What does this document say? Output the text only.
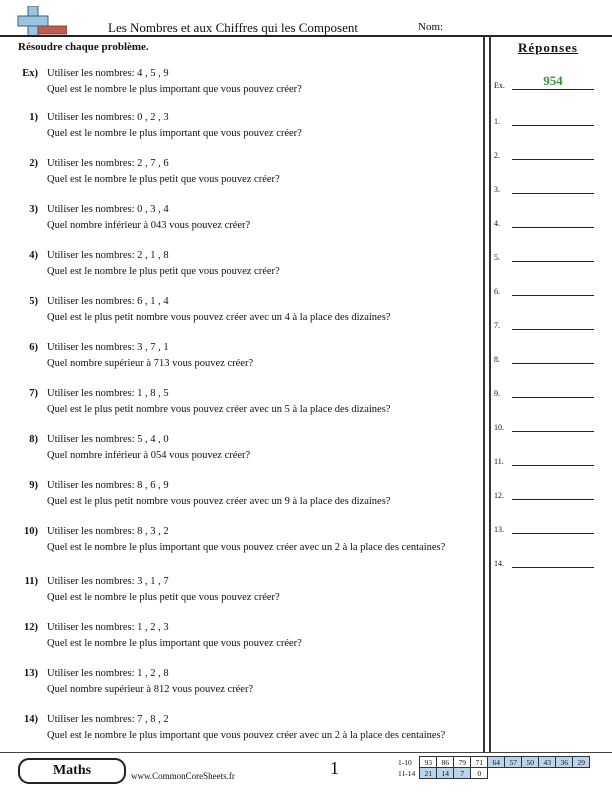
Les Nombres et aux Chiffres qui les Composent	Nom:
Résoudre chaque problème.
Ex) Utiliser les nombres: 4 , 5 , 9
Quel est le nombre le plus important que vous pouvez créer?
1) Utiliser les nombres: 0 , 2 , 3
Quel est le nombre le plus important que vous pouvez créer?
2) Utiliser les nombres: 2 , 7 , 6
Quel est le nombre le plus petit que vous pouvez créer?
3) Utiliser les nombres: 0 , 3 , 4
Quel nombre inférieur à 043 vous pouvez créer?
4) Utiliser les nombres: 2 , 1 , 8
Quel est le nombre le plus petit que vous pouvez créer?
5) Utiliser les nombres: 6 , 1 , 4
Quel est le plus petit nombre vous pouvez créer avec un 4 à la place des dizaines?
6) Utiliser les nombres: 3 , 7 , 1
Quel nombre supérieur à 713 vous pouvez créer?
7) Utiliser les nombres: 1 , 8 , 5
Quel est le plus petit nombre vous pouvez créer avec un 5 à la place des dizaines?
8) Utiliser les nombres: 5 , 4 , 0
Quel nombre inférieur à 054 vous pouvez créer?
9) Utiliser les nombres: 8 , 6 , 9
Quel est le plus petit nombre vous pouvez créer avec un 9 à la place des dizaines?
10) Utiliser les nombres: 8 , 3 , 2
Quel est le nombre le plus important que vous pouvez créer avec un 2 à la place des centaines?
11) Utiliser les nombres: 3 , 1 , 7
Quel est le nombre le plus petit que vous pouvez créer?
12) Utiliser les nombres: 1 , 2 , 3
Quel est le nombre le plus important que vous pouvez créer?
13) Utiliser les nombres: 1 , 2 , 8
Quel nombre supérieur à 812 vous pouvez créer?
14) Utiliser les nombres: 7 , 8 , 2
Quel est le nombre le plus important que vous pouvez créer avec un 2 à la place des centaines?
Réponses
Ex.	954
1.
2.
3.
4.
5.
6.
7.
8.
9.
10.
11.
12.
13.
14.
Maths	www.CommonCoreSheets.fr	1	1-10	93	86	79	71	64	57	50	43	36	29
11-14	21	14	7	0						
